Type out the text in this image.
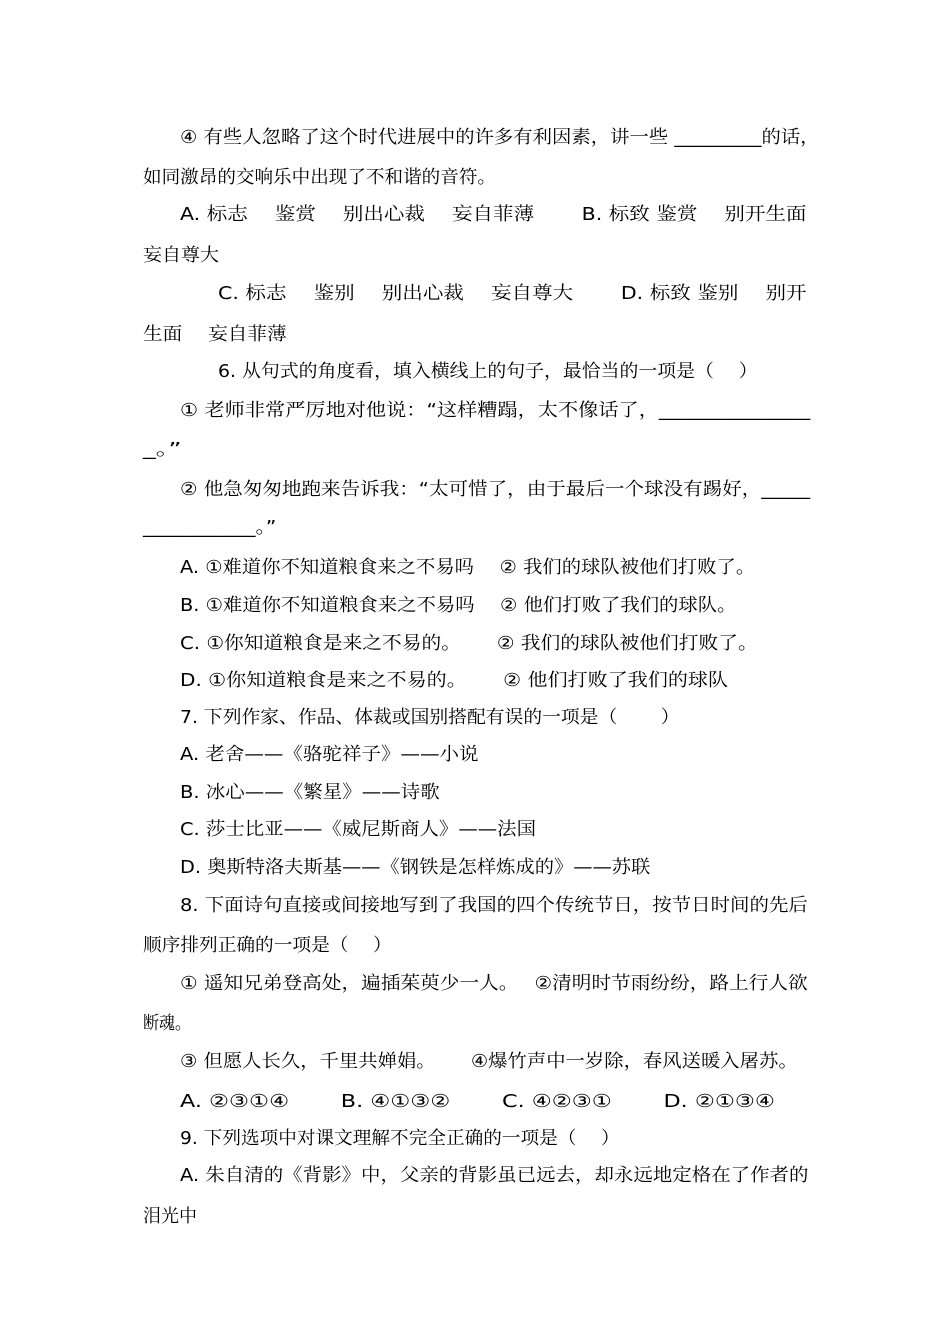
④ 有些人忽略了这个时代进展中的许多有利因素，讲一些 _________的话，
如同激昂的交响乐中出现了不和谐的音符。
A. 标志　 鉴赏　 别出心裁　 妄自菲薄　　 B. 标致 鉴赏　 别开生面
妄自尊大
C. 标志　 鉴别　 别出心裁　 妄自尊大　　 D. 标致 鉴别　 别开
生面　 妄自菲薄
6. 从句式的角度看，填入横线上的句子，最恰当的一项是（　 ）
① 老师非常严厉地对他说：“这样糟蹋，太不像话了，_______________
_。”
② 他急匆匆地跑来告诉我：“太可惜了，由于最后一个球没有踢好，_____
___________。”
A. ①难道你不知道粮食来之不易吗　 ② 我们的球队被他们打败了。
B. ①难道你不知道粮食来之不易吗　 ② 他们打败了我们的球队。
C. ①你知道粮食是来之不易的。　　 ② 我们的球队被他们打败了。
D. ①你知道粮食是来之不易的。　　 ② 他们打败了我们的球队
7. 下列作家、作品、体裁或国别搭配有误的一项是（　　 ）
A. 老舍——《骆驼祥子》——小说
B. 冰心——《繁星》——诗歌
C. 莎士比亚——《威尼斯商人》——法国
D. 奥斯特洛夫斯基——《钢铁是怎样炼成的》——苏联
8. 下面诗句直接或间接地写到了我国的四个传统节日，按节日时间的先后
顺序排列正确的一项是（　 ）
① 遥知兄弟登高处，遍插茱萸少一人。　 ②清明时节雨纷纷，路上行人欲
断魂。
③ 但愿人长久，千里共婵娟。　　 ④爆竹声中一岁除，春风送暖入屠苏。
A. ②③①④　　 B. ④①③②　　 C. ④②③①　　 D. ②①③④
9. 下列选项中对课文理解不完全正确的一项是（　 ）
A. 朱自清的《背影》中，父亲的背影虽已远去，却永远地定格在了作者的
泪光中
